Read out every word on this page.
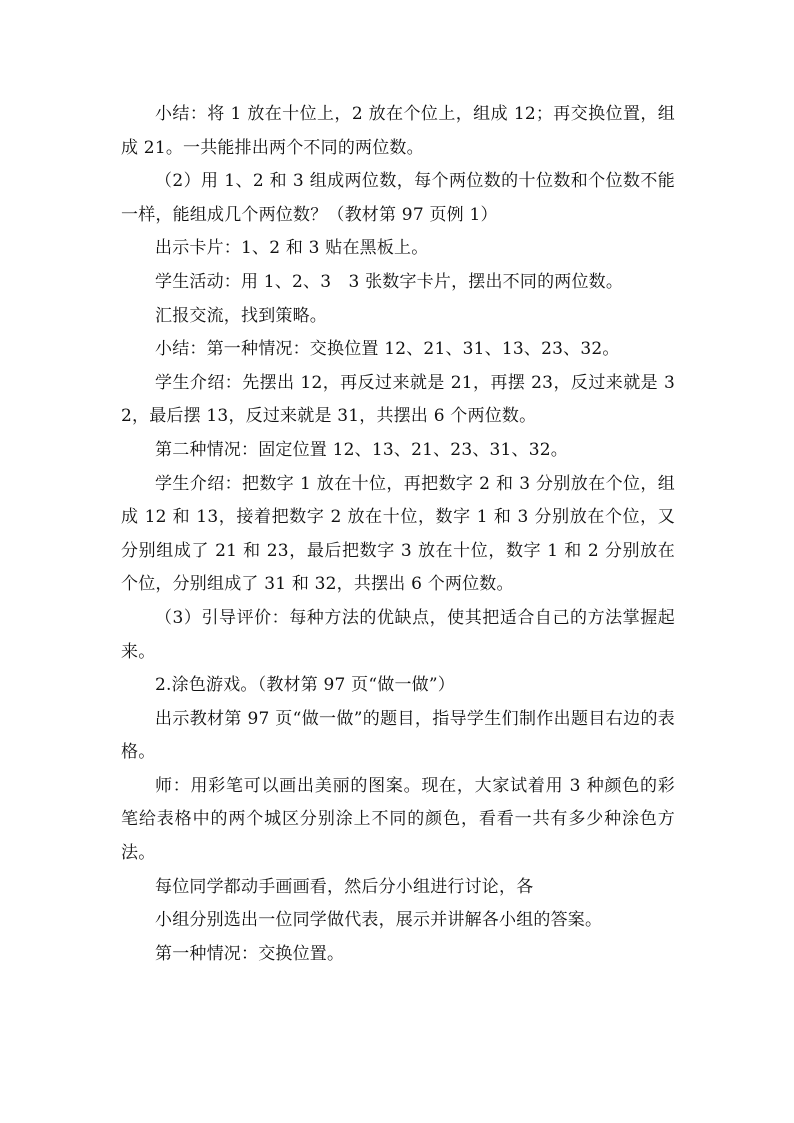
小结：将 1 放在十位上，2 放在个位上，组成 12；再交换位置，组成 21。一共能排出两个不同的两位数。

（2）用 1、2 和 3 组成两位数，每个两位数的十位数和个位数不能一样，能组成几个两位数？（教材第 97 页例 1）

出示卡片：1、2 和 3 贴在黑板上。

学生活动：用 1、2、3　3 张数字卡片，摆出不同的两位数。

汇报交流，找到策略。

小结：第一种情况：交换位置 12、21、31、13、23、32。

学生介绍：先摆出 12，再反过来就是 21，再摆 23，反过来就是 32，最后摆 13，反过来就是 31，共摆出 6 个两位数。

第二种情况：固定位置 12、13、21、23、31、32。

学生介绍：把数字 1 放在十位，再把数字 2 和 3 分别放在个位，组成 12 和 13，接着把数字 2 放在十位，数字 1 和 3 分别放在个位，又分别组成了 21 和 23，最后把数字 3 放在十位，数字 1 和 2 分别放在个位，分别组成了 31 和 32，共摆出 6 个两位数。

（3）引导评价：每种方法的优缺点，使其把适合自己的方法掌握起来。

2.涂色游戏。（教材第 97 页“做一做”）

出示教材第 97 页“做一做”的题目，指导学生们制作出题目右边的表格。

师：用彩笔可以画出美丽的图案。现在，大家试着用 3 种颜色的彩笔给表格中的两个城区分别涂上不同的颜色，看看一共有多少种涂色方法。

每位同学都动手画画看，然后分小组进行讨论，各

小组分别选出一位同学做代表，展示并讲解各小组的答案。

第一种情况：交换位置。
